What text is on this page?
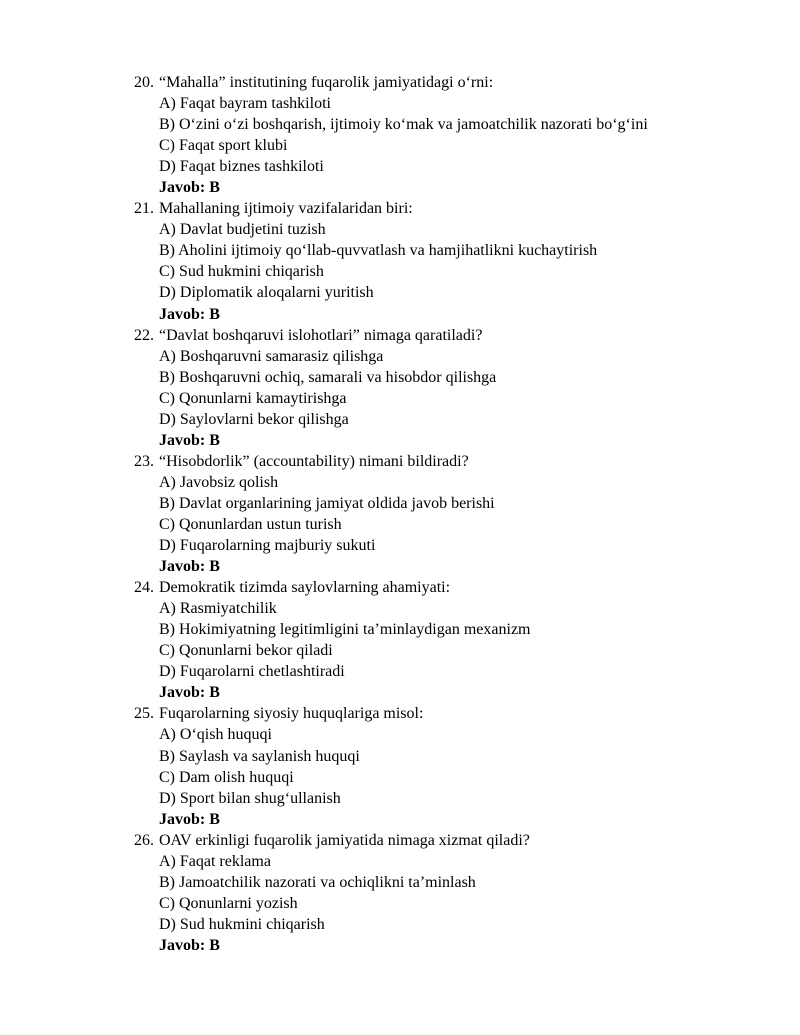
20. “Mahalla” institutining fuqarolik jamiyatidagi o‘rni:
A) Faqat bayram tashkiloti
B) O‘zini o‘zi boshqarish, ijtimoiy ko‘mak va jamoatchilik nazorati bo‘g‘ini
C) Faqat sport klubi
D) Faqat biznes tashkiloti
Javob: B
21. Mahallaning ijtimoiy vazifalaridan biri:
A) Davlat budjetini tuzish
B) Aholini ijtimoiy qo‘llab-quvvatlash va hamjihatlikni kuchaytirish
C) Sud hukmini chiqarish
D) Diplomatik aloqalarni yuritish
Javob: B
22. “Davlat boshqaruvi islohotlari” nimaga qaratiladi?
A) Boshqaruvni samarasiz qilishga
B) Boshqaruvni ochiq, samarali va hisobdor qilishga
C) Qonunlarni kamaytirishga
D) Saylovlarni bekor qilishga
Javob: B
23. “Hisobdorlik” (accountability) nimani bildiradi?
A) Javobsiz qolish
B) Davlat organlarining jamiyat oldida javob berishi
C) Qonunlardan ustun turish
D) Fuqarolarning majburiy sukuti
Javob: B
24. Demokratik tizimda saylovlarning ahamiyati:
A) Rasmiyatchilik
B) Hokimiyatning legitimligini ta’minlaydigan mexanizm
C) Qonunlarni bekor qiladi
D) Fuqarolarni chetlashtiradi
Javob: B
25. Fuqarolarning siyosiy huquqlariga misol:
A) O‘qish huquqi
B) Saylash va saylanish huquqi
C) Dam olish huquqi
D) Sport bilan shug‘ullanish
Javob: B
26. OAV erkinligi fuqarolik jamiyatida nimaga xizmat qiladi?
A) Faqat reklama
B) Jamoatchilik nazorati va ochiqlikni ta’minlash
C) Qonunlarni yozish
D) Sud hukmini chiqarish
Javob: B
